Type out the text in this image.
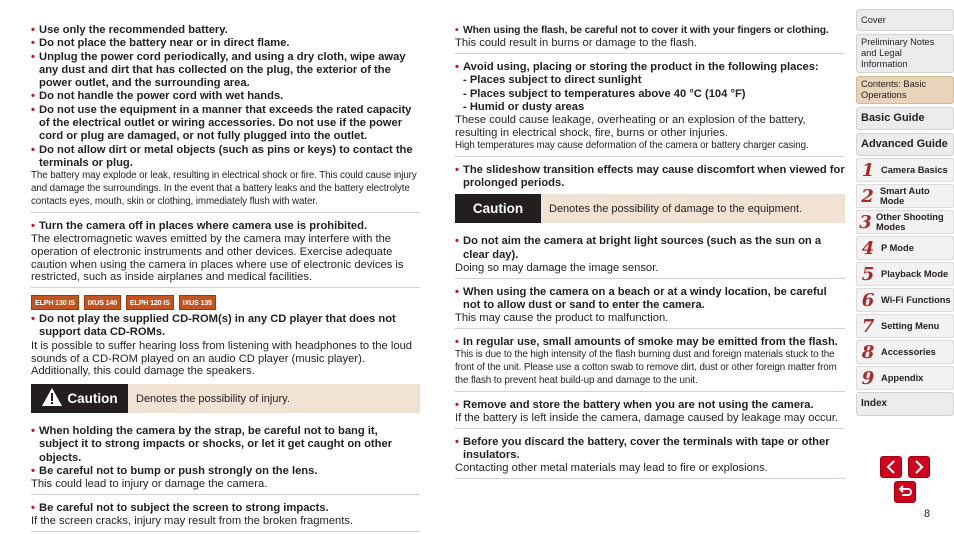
• Use only the recommended battery.
• Do not place the battery near or in direct flame.
• Unplug the power cord periodically, and using a dry cloth, wipe away any dust and dirt that has collected on the plug, the exterior of the power outlet, and the surrounding area.
• Do not handle the power cord with wet hands.
• Do not use the equipment in a manner that exceeds the rated capacity of the electrical outlet or wiring accessories. Do not use if the power cord or plug are damaged, or not fully plugged into the outlet.
• Do not allow dirt or metal objects (such as pins or keys) to contact the terminals or plug.
The battery may explode or leak, resulting in electrical shock or fire. This could cause injury and damage the surroundings. In the event that a battery leaks and the battery electrolyte contacts eyes, mouth, skin or clothing, immediately flush with water.
• Turn the camera off in places where camera use is prohibited.
The electromagnetic waves emitted by the camera may interfere with the operation of electronic instruments and other devices. Exercise adequate caution when using the camera in places where use of electronic devices is restricted, such as inside airplanes and medical facilities.
ELPH 130 IS	IXUS 140	ELPH 120 IS	IXUS 135
• Do not play the supplied CD-ROM(s) in any CD player that does not support data CD-ROMs.
It is possible to suffer hearing loss from listening with headphones to the loud sounds of a CD-ROM played on an audio CD player (music player). Additionally, this could damage the speakers.
Caution	Denotes the possibility of injury.
• When holding the camera by the strap, be careful not to bang it, subject it to strong impacts or shocks, or let it get caught on other objects.
• Be careful not to bump or push strongly on the lens.
This could lead to injury or damage the camera.
• Be careful not to subject the screen to strong impacts.
If the screen cracks, injury may result from the broken fragments.
• When using the flash, be careful not to cover it with your fingers or clothing.
This could result in burns or damage to the flash.
• Avoid using, placing or storing the product in the following places:
- Places subject to direct sunlight
- Places subject to temperatures above 40 °C (104 °F)
- Humid or dusty areas
These could cause leakage, overheating or an explosion of the battery, resulting in electrical shock, fire, burns or other injuries.
High temperatures may cause deformation of the camera or battery charger casing.
• The slideshow transition effects may cause discomfort when viewed for prolonged periods.
Caution	Denotes the possibility of damage to the equipment.
• Do not aim the camera at bright light sources (such as the sun on a clear day).
Doing so may damage the image sensor.
• When using the camera on a beach or at a windy location, be careful not to allow dust or sand to enter the camera.
This may cause the product to malfunction.
• In regular use, small amounts of smoke may be emitted from the flash.
This is due to the high intensity of the flash burning dust and foreign materials stuck to the front of the unit. Please use a cotton swab to remove dirt, dust or other foreign matter from the flash to prevent heat build-up and damage to the unit.
• Remove and store the battery when you are not using the camera.
If the battery is left inside the camera, damage caused by leakage may occur.
• Before you discard the battery, cover the terminals with tape or other insulators.
Contacting other metal materials may lead to fire or explosions.
Cover
Preliminary Notes and Legal Information
Contents: Basic Operations
Basic Guide
Advanced Guide
1 Camera Basics
2 Smart Auto Mode
3 Other Shooting Modes
4 P Mode
5 Playback Mode
6 Wi-Fi Functions
7 Setting Menu
8 Accessories
9 Appendix
Index
8
